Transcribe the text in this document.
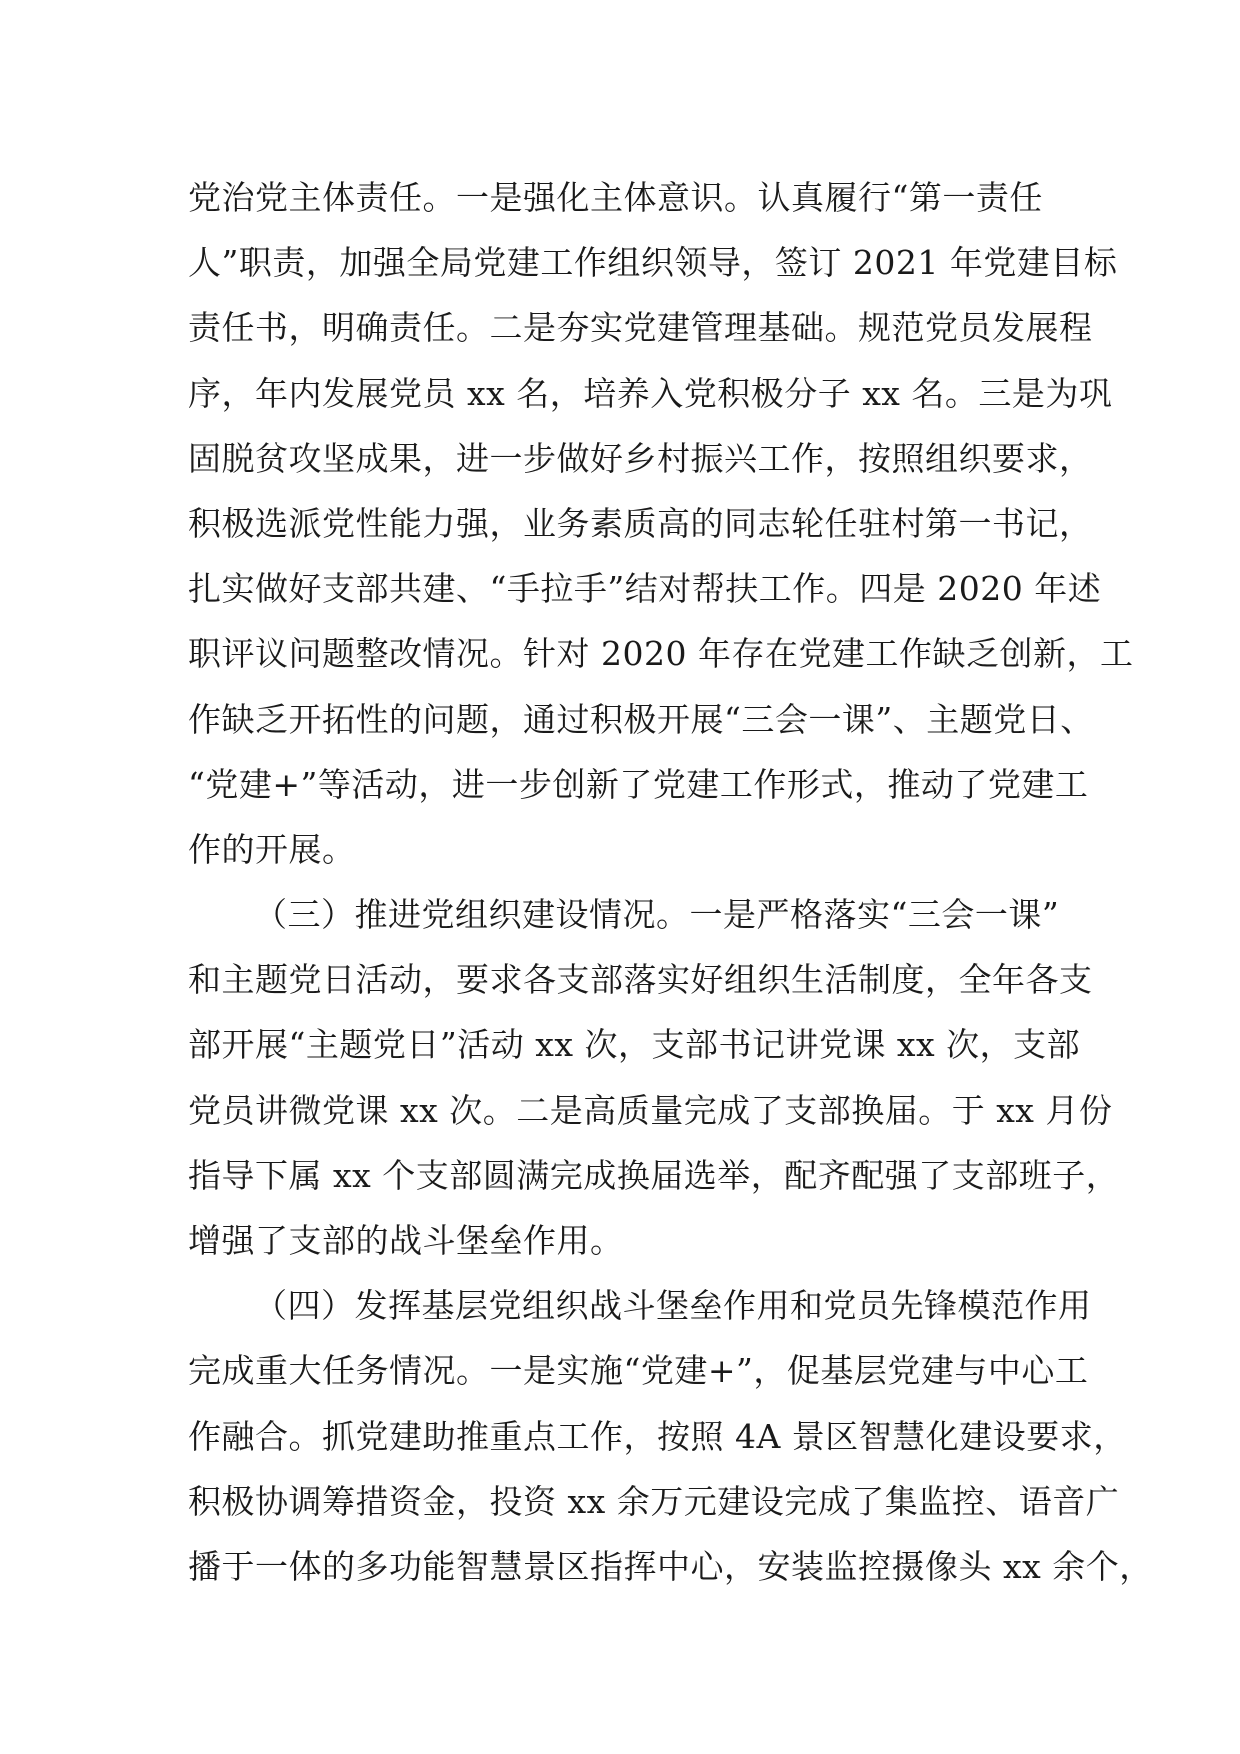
党治党主体责任。一是强化主体意识。认真履行“第一责任
人”职责，加强全局党建工作组织领导，签订 2021 年党建目标
责任书，明确责任。二是夯实党建管理基础。规范党员发展程
序，年内发展党员 xx 名，培养入党积极分子 xx 名。三是为巩
固脱贫攻坚成果，进一步做好乡村振兴工作，按照组织要求，
积极选派党性能力强，业务素质高的同志轮任驻村第一书记，
扎实做好支部共建、“手拉手”结对帮扶工作。四是 2020 年述
职评议问题整改情况。针对 2020 年存在党建工作缺乏创新，工
作缺乏开拓性的问题，通过积极开展“三会一课”、主题党日、
“党建+”等活动，进一步创新了党建工作形式，推动了党建工
作的开展。
（三）推进党组织建设情况。一是严格落实“三会一课”
和主题党日活动，要求各支部落实好组织生活制度，全年各支
部开展“主题党日”活动 xx 次，支部书记讲党课 xx 次，支部
党员讲微党课 xx 次。二是高质量完成了支部换届。于 xx 月份
指导下属 xx 个支部圆满完成换届选举，配齐配强了支部班子，
增强了支部的战斗堡垒作用。
（四）发挥基层党组织战斗堡垒作用和党员先锋模范作用
完成重大任务情况。一是实施“党建+”，促基层党建与中心工
作融合。抓党建助推重点工作，按照 4A 景区智慧化建设要求，
积极协调筹措资金，投资 xx 余万元建设完成了集监控、语音广
播于一体的多功能智慧景区指挥中心，安装监控摄像头 xx 余个，
